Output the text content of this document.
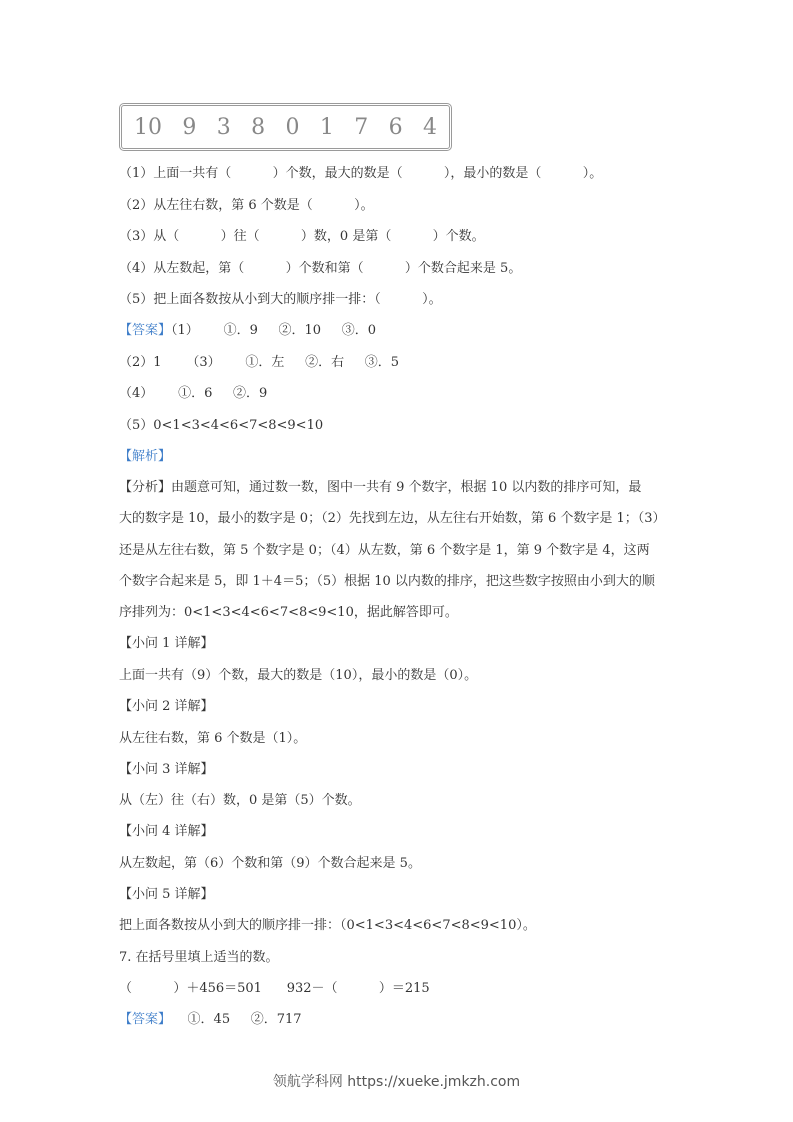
10 9 3 8 0 1 7 6 4
（1）上面一共有（          ）个数，最大的数是（          ），最小的数是（          ）。
（2）从左往右数，第 6 个数是（          ）。
（3）从（          ）往（          ）数，0 是第（          ）个数。
（4）从左数起，第（          ）个数和第（          ）个数合起来是 5。
（5）把上面各数按从小到大的顺序排一排：（          ）。
【答案】（1）      ①．9     ②．10     ③．0
（2）1      （3）      ①．左     ②．右     ③．5
（4）      ①．6     ②．9
（5）0<1<3<4<6<7<8<9<10
【解析】
【分析】由题意可知，通过数一数，图中一共有 9 个数字，根据 10 以内数的排序可知，最
大的数字是 10，最小的数字是 0；（2）先找到左边，从左往右开始数，第 6 个数字是 1；（3）
还是从左往右数，第 5 个数字是 0；（4）从左数，第 6 个数字是 1，第 9 个数字是 4，这两
个数字合起来是 5，即 1＋4＝5；（5）根据 10 以内数的排序，把这些数字按照由小到大的顺
序排列为：0<1<3<4<6<7<8<9<10，据此解答即可。
【小问 1 详解】
上面一共有（9）个数，最大的数是（10），最小的数是（0）。
【小问 2 详解】
从左往右数，第 6 个数是（1）。
【小问 3 详解】
从（左）往（右）数，0 是第（5）个数。
【小问 4 详解】
从左数起，第（6）个数和第（9）个数合起来是 5。
【小问 5 详解】
把上面各数按从小到大的顺序排一排：（0<1<3<4<6<7<8<9<10）。
7. 在括号里填上适当的数。
（          ）＋456＝501      932－（          ）＝215
【答案】    ①．45     ②．717
领航学科网 https://xueke.jmkzh.com
